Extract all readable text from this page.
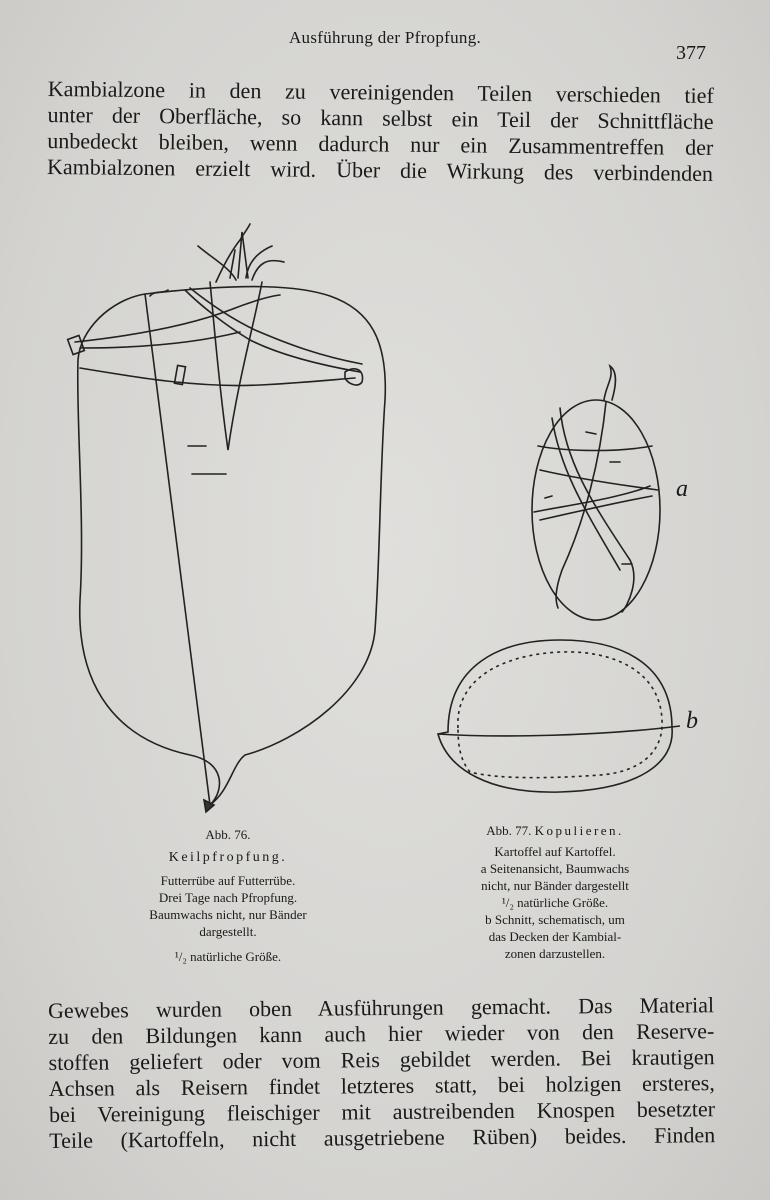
Ausführung der Pfropfung.
377

Kambialzone in den zu vereinigenden Teilen verschieden tief
unter der Oberfläche, so kann selbst ein Teil der Schnittfläche
unbedeckt bleiben, wenn dadurch nur ein Zusammentreffen der
Kambialzonen erzielt wird. Über die Wirkung des verbindenden

a
b
Abb. 76.
Keilpfropfung.
Futterrübe auf Futterrübe.
Drei Tage nach Pfropfung.
Baumwachs nicht, nur Bänder
dargestellt.
¹/₂ natürliche Größe.
Abb. 77. Kopulieren.
Kartoffel auf Kartoffel.
a Seitenansicht, Baumwachs
nicht, nur Bänder dargestellt
¹/₂ natürliche Größe.
b Schnitt, schematisch, um
das Decken der Kambial-
zonen darzustellen.

Gewebes wurden oben Ausführungen gemacht. Das Material
zu den Bildungen kann auch hier wieder von den Reserve-
stoffen geliefert oder vom Reis gebildet werden. Bei krautigen
Achsen als Reisern findet letzteres statt, bei holzigen ersteres,
bei Vereinigung fleischiger mit austreibenden Knospen besetzter
Teile (Kartoffeln, nicht ausgetriebene Rüben) beides. Finden
